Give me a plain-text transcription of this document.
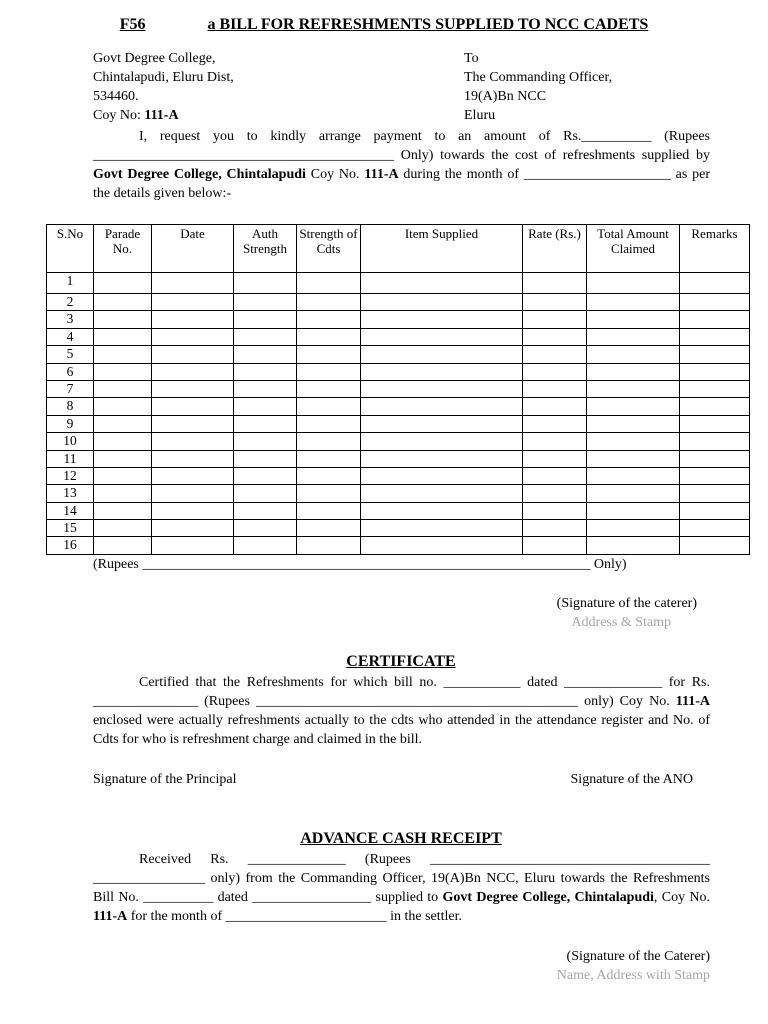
F56	a BILL FOR REFRESHMENTS SUPPLIED TO NCC CADETS
Govt Degree College,
Chintalapudi, Eluru Dist,
534460.
Coy No: 111-A
To
The Commanding Officer,
19(A)Bn NCC
Eluru

I, request you to kindly arrange payment to an amount of Rs.__________ (Rupees ___________________________________________ Only) towards the cost of refreshments supplied by Govt Degree College, Chintalapudi Coy No. 111-A during the month of _____________________ as per the details given below:-

S.No	Parade No.	Date	Auth Strength	Strength of Cdts	Item Supplied	Rate (Rs.)	Total Amount Claimed	Remarks
1								
2								
3								
4								
5								
6								
7								
8								
9								
10								
11								
12								
13								
14								
15								
16								
(Rupees ________________________________________________________________ Only)
(Signature of the caterer)
Address & Stamp
CERTIFICATE

Certified that the Refreshments for which bill no. ___________ dated ______________ for Rs. _______________ (Rupees ______________________________________________ only) Coy No. 111-A enclosed were actually refreshments actually to the cdts who attended in the attendance register and No. of Cdts for who is refreshment charge and claimed in the bill.

Signature of the Principal	Signature of the ANO
ADVANCE CASH RECEIPT

Received Rs. ______________ (Rupees ________________________________________ ________________ only) from the Commanding Officer, 19(A)Bn NCC, Eluru towards the Refreshments Bill No. __________ dated _________________ supplied to Govt Degree College, Chintalapudi, Coy No. 111-A for the month of _______________________ in the settler.

(Signature of the Caterer)
Name, Address with Stamp
